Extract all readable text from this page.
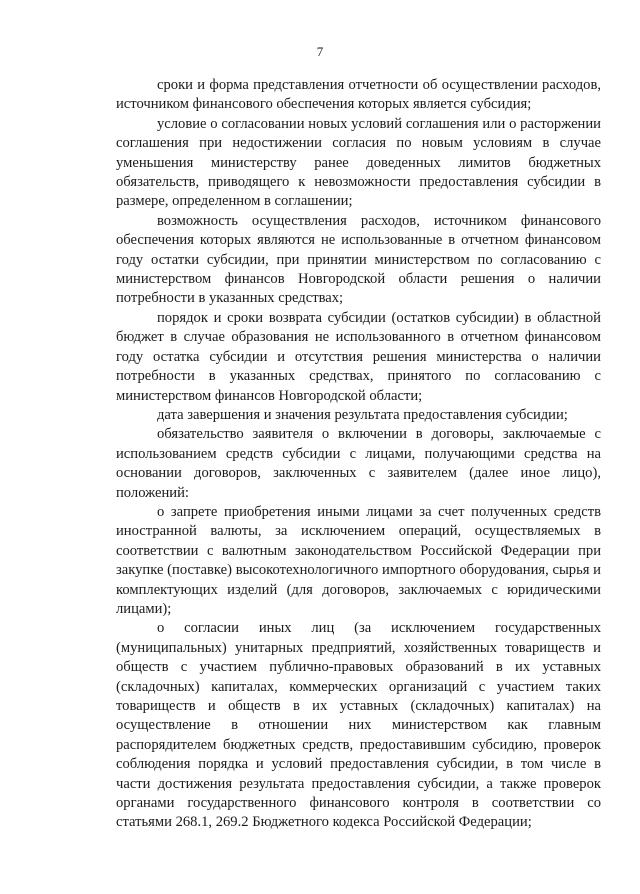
7

сроки и форма представления отчетности об осуществлении расходов, источником финансового обеспечения которых является субсидия;

условие о согласовании новых условий соглашения или о расторжении соглашения при недостижении согласия по новым условиям в случае уменьшения министерству ранее доведенных лимитов бюджетных обязательств, приводящего к невозможности предоставления субсидии в размере, определенном в соглашении;

возможность осуществления расходов, источником финансового обеспечения которых являются не использованные в отчетном финансовом году остатки субсидии, при принятии министерством по согласованию с министерством финансов Новгородской области решения о наличии потребности в указанных средствах;

порядок и сроки возврата субсидии (остатков субсидии) в областной бюджет в случае образования не использованного в отчетном финансовом году остатка субсидии и отсутствия решения министерства о наличии потребности в указанных средствах, принятого по согласованию с министерством финансов Новгородской области;

дата завершения и значения результата предоставления субсидии;

обязательство заявителя о включении в договоры, заключаемые с использованием средств субсидии с лицами, получающими средства на основании договоров, заключенных с заявителем (далее иное лицо), положений:

о запрете приобретения иными лицами за счет полученных средств иностранной валюты, за исключением операций, осуществляемых в соответствии с валютным законодательством Российской Федерации при закупке (поставке) высокотехнологичного импортного оборудования, сырья и комплектующих изделий (для договоров, заключаемых с юридическими лицами);

о согласии иных лиц (за исключением государственных (муниципальных) унитарных предприятий, хозяйственных товариществ и обществ с участием публично-правовых образований в их уставных (складочных) капиталах, коммерческих организаций с участием таких товариществ и обществ в их уставных (складочных) капиталах) на осуществление в отношении них министерством как главным распорядителем бюджетных средств, предоставившим субсидию, проверок соблюдения порядка и условий предоставления субсидии, в том числе в части достижения результата предоставления субсидии, а также проверок органами государственного финансового контроля в соответствии со статьями 268.1, 269.2 Бюджетного кодекса Российской Федерации;
